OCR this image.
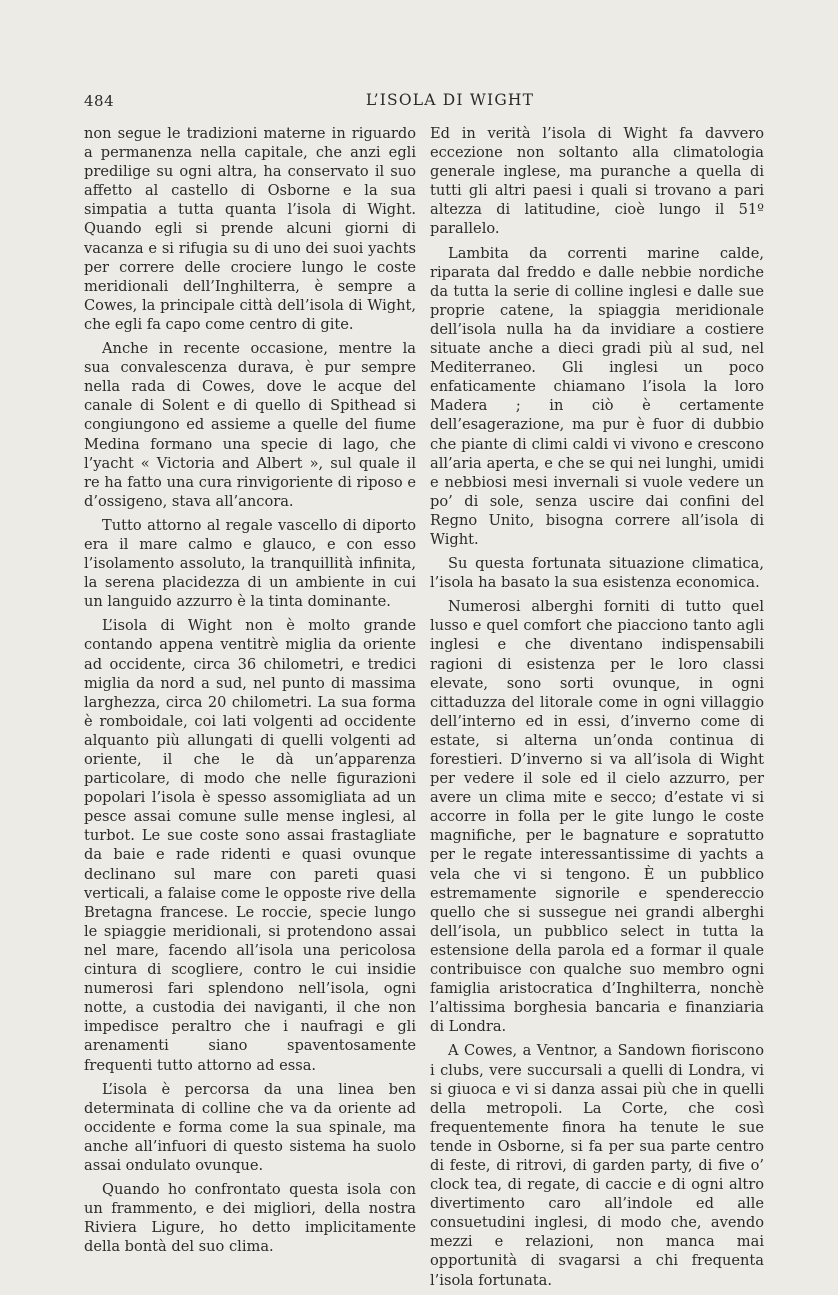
484	L’ISOLA DI WIGHT

non segue le tradizioni materne in riguardo a permanenza nella capitale, che anzi egli predilige su ogni altra, ha conservato il suo affetto al castello di Osborne e la sua simpatia a tutta quanta l’isola di Wight. Quando egli si prende alcuni giorni di vacanza e si rifugia su di uno dei suoi yachts per correre delle crociere lungo le coste meridionali dell’Inghilterra, è sempre a Cowes, la principale città dell’isola di Wight, che egli fa capo come centro di gite.

Anche in recente occasione, mentre la sua convalescenza durava, è pur sempre nella rada di Cowes, dove le acque del canale di Solent e di quello di Spithead si congiungono ed assieme a quelle del fiume Medina formano una specie di lago, che l’yacht « Victoria and Albert », sul quale il re ha fatto una cura rinvigoriente di riposo e d’ossigeno, stava all’ancora.

Tutto attorno al regale vascello di diporto era il mare calmo e glauco, e con esso l’isolamento assoluto, la tranquillità infinita, la serena placidezza di un ambiente in cui un languido azzurro è la tinta dominante.

L’isola di Wight non è molto grande contando appena ventitrè miglia da oriente ad occidente, circa 36 chilometri, e tredici miglia da nord a sud, nel punto di massima larghezza, circa 20 chilometri. La sua forma è romboidale, coi lati volgenti ad occidente alquanto più allungati di quelli volgenti ad oriente, il che le dà un’apparenza particolare, di modo che nelle figurazioni popolari l’isola è spesso assomigliata ad un pesce assai comune sulle mense inglesi, al turbot. Le sue coste sono assai frastagliate da baie e rade ridenti e quasi ovunque declinano sul mare con pareti quasi verticali, a falaise come le opposte rive della Bretagna francese. Le roccie, specie lungo le spiaggie meridionali, si protendono assai nel mare, facendo all’isola una pericolosa cintura di scogliere, contro le cui insidie numerosi fari splendono nell’isola, ogni notte, a custodia dei naviganti, il che non impedisce peraltro che i naufragi e gli arenamenti siano spaventosamente frequenti tutto attorno ad essa.

L’isola è percorsa da una linea ben determinata di colline che va da oriente ad occidente e forma come la sua spinale, ma anche all’infuori di questo sistema ha suolo assai ondulato ovunque.

Quando ho confrontato questa isola con un frammento, e dei migliori, della nostra Riviera Ligure, ho detto implicitamente della bontà del suo clima.

Ed in verità l’isola di Wight fa davvero eccezione non soltanto alla climatologia generale inglese, ma puranche a quella di tutti gli altri paesi i quali si trovano a pari altezza di latitudine, cioè lungo il 51º parallelo.

Lambita da correnti marine calde, riparata dal freddo e dalle nebbie nordiche da tutta la serie di colline inglesi e dalle sue proprie catene, la spiaggia meridionale dell’isola nulla ha da invidiare a costiere situate anche a dieci gradi più al sud, nel Mediterraneo. Gli inglesi un poco enfaticamente chiamano l’isola la loro Madera ; in ciò è certamente dell’esagerazione, ma pur è fuor di dubbio che piante di climi caldi vi vivono e crescono all’aria aperta, e che se qui nei lunghi, umidi e nebbiosi mesi invernali si vuole vedere un po’ di sole, senza uscire dai confini del Regno Unito, bisogna correre all’isola di Wight.

Su questa fortunata situazione climatica, l’isola ha basato la sua esistenza economica.

Numerosi alberghi forniti di tutto quel lusso e quel comfort che piacciono tanto agli inglesi e che diventano indispensabili ragioni di esistenza per le loro classi elevate, sono sorti ovunque, in ogni cittaduzza del litorale come in ogni villaggio dell’interno ed in essi, d’inverno come di estate, si alterna un’onda continua di forestieri. D’inverno si va all’isola di Wight per vedere il sole ed il cielo azzurro, per avere un clima mite e secco; d’estate vi si accorre in folla per le gite lungo le coste magnifiche, per le bagnature e sopratutto per le regate interessantissime di yachts a vela che vi si tengono. È un pubblico estremamente signorile e spendereccio quello che si sussegue nei grandi alberghi dell’isola, un pubblico select in tutta la estensione della parola ed a formar il quale contribuisce con qualche suo membro ogni famiglia aristocratica d’Inghilterra, nonchè l’altissima borghesia bancaria e finanziaria di Londra.

A Cowes, a Ventnor, a Sandown fioriscono i clubs, vere succursali a quelli di Londra, vi si giuoca e vi si danza assai più che in quelli della metropoli. La Corte, che così frequentemente finora ha tenute le sue tende in Osborne, si fa per sua parte centro di feste, di ritrovi, di garden party, di five o’ clock tea, di regate, di caccie e di ogni altro divertimento caro all’indole ed alle consuetudini inglesi, di modo che, avendo mezzi e relazioni, non manca mai opportunità di svagarsi a chi frequenta l’isola fortunata.
